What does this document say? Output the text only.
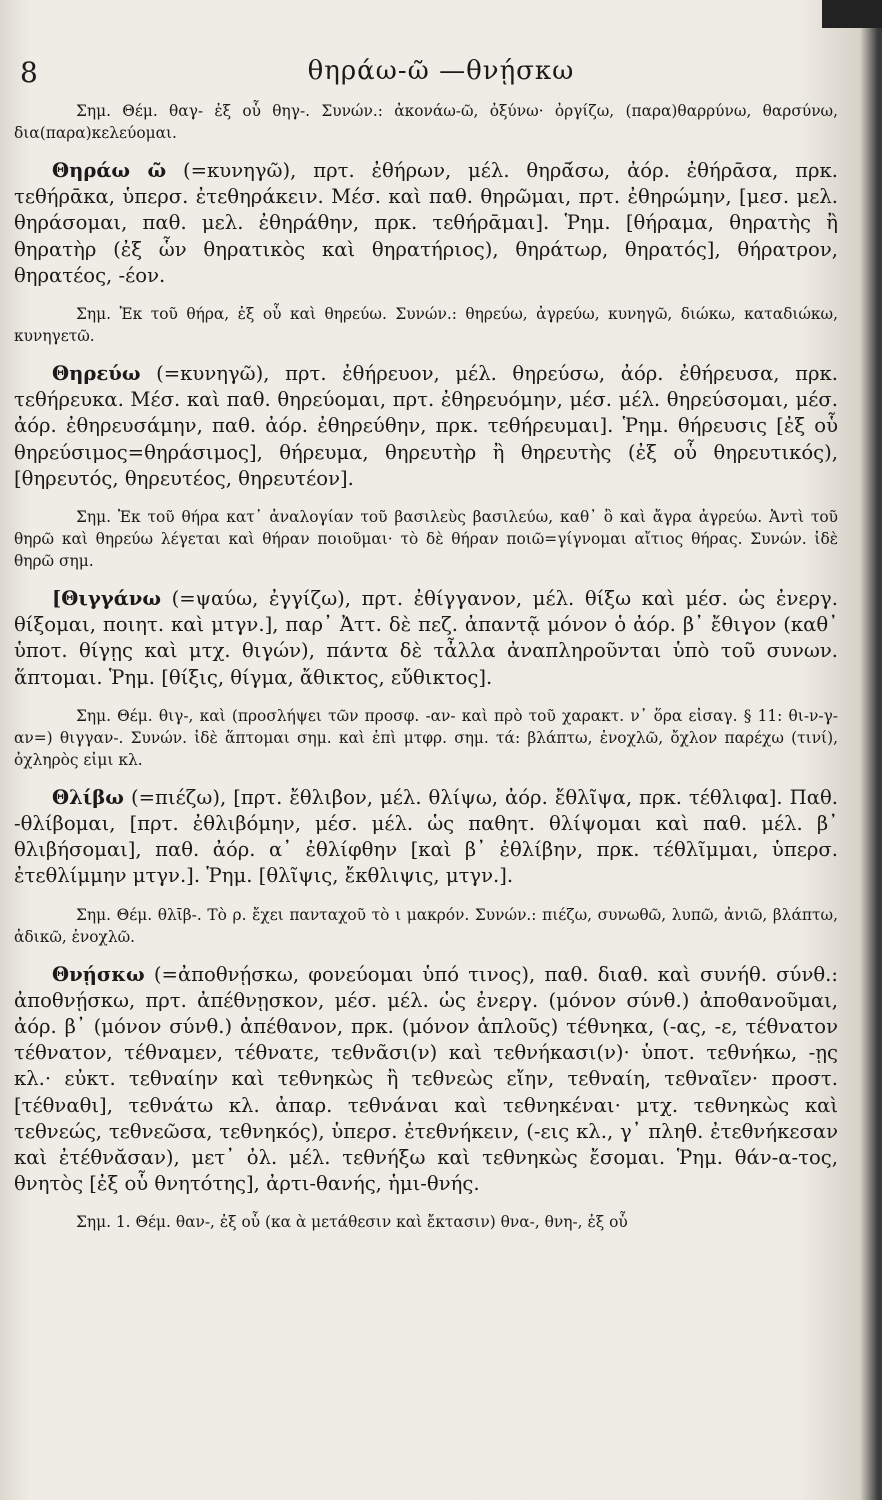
8	θηράω-ῶ —θνῄσκω

Σημ. Θέμ. θαγ- ἐξ οὗ θηγ-. Συνών.: ἀκονάω-ῶ, ὀξύνω· ὀργίζω, (παρα)θαρρύνω, θαρσύνω, δια(παρα)κελεύομαι.

Θηράω ῶ (=κυνηγῶ), πρτ. ἐθήρων, μέλ. θηρᾱ́σω, ἀόρ. ἐθήρᾱσα, πρκ. τεθήρᾱκα, ὑπερσ. ἐτεθηράκειν. Μέσ. καὶ παθ. θηρῶμαι, πρτ. ἐθηρώμην, [μεσ. μελ. θηράσομαι, παθ. μελ. ἐθηράθην, πρκ. τεθήρᾱμαι]. Ῥημ. [θήραμα, θηρατὴς ἢ θηρατὴρ (ἐξ ὧν θηρατικὸς καὶ θηρατήριος), θηράτωρ, θηρατός], θήρατρον, θηρατέος, -έον.

Σημ. Ἐκ τοῦ θήρα, ἐξ οὗ καὶ θηρεύω. Συνών.: θηρεύω, ἀγρεύω, κυνηγῶ, διώκω, καταδιώκω, κυνηγετῶ.

Θηρεύω (=κυνηγῶ), πρτ. ἐθήρευον, μέλ. θηρεύσω, ἀόρ. ἐθήρευσα, πρκ. τεθήρευκα. Μέσ. καὶ παθ. θηρεύομαι, πρτ. ἐθηρευόμην, μέσ. μέλ. θηρεύσομαι, μέσ. ἀόρ. ἐθηρευσάμην, παθ. ἀόρ. ἐθηρεύθην, πρκ. τεθήρευμαι]. Ῥημ. θήρευσις [ἐξ οὗ θηρεύσιμος=θηράσιμος], θήρευμα, θηρευτὴρ ἢ θηρευτὴς (ἐξ οὗ θηρευτικός), [θηρευτός, θηρευτέος, θηρευτέον].

Σημ. Ἐκ τοῦ θήρα κατ᾽ ἀναλογίαν τοῦ βασιλεὺς βασιλεύω, καθ᾽ ὃ καὶ ἄγρα ἀγρεύω. Ἀντὶ τοῦ θηρῶ καὶ θηρεύω λέγεται καὶ θήραν ποιοῦμαι· τὸ δὲ θήραν ποιῶ=γίγνομαι αἴτιος θήρας. Συνών. ἰδὲ θηρῶ σημ.

[Θιγγάνω (=ψαύω, ἐγγίζω), πρτ. ἐθίγγανον, μέλ. θίξω καὶ μέσ. ὡς ἐνεργ. θίξομαι, ποιητ. καὶ μτγν.], παρ᾽ Ἀττ. δὲ πεζ. ἀπαντᾷ μόνον ὁ ἀόρ. β᾽ ἔθιγον (καθ᾽ ὑποτ. θίγῃς καὶ μτχ. θιγών), πάντα δὲ τἆλλα ἀναπληροῦνται ὑπὸ τοῦ συνων. ἅπτομαι. Ῥημ. [θίξις, θίγμα, ἄθικτος, εὔθικτος].

Σημ. Θέμ. θιγ-, καὶ (προσλήψει τῶν προσφ. -αν- καὶ πρὸ τοῦ χαρακτ. ν᾽ ὅρα εἰσαγ. § 11: θι-ν-γ-αν=) θιγγαν-. Συνών. ἰδὲ ἅπτομαι σημ. καὶ ἐπὶ μτφρ. σημ. τά: βλάπτω, ἐνοχλῶ, ὄχλον παρέχω (τινί), ὀχληρὸς εἰμι κλ.

Θλίβω (=πιέζω), [πρτ. ἔθλιβον, μέλ. θλίψω, ἀόρ. ἔθλῖψα, πρκ. τέθλιφα]. Παθ. -θλίβομαι, [πρτ. ἐθλιβόμην, μέσ. μέλ. ὡς παθητ. θλίψομαι καὶ παθ. μέλ. β᾽ θλιβήσομαι], παθ. ἀόρ. α᾽ ἐθλίφθην [καὶ β᾽ ἐθλίβην, πρκ. τέθλῖμμαι, ὑπερσ. ἐτεθλίμμην μτγν.]. Ῥημ. [θλῖψις, ἔκθλιψις, μτγν.].

Σημ. Θέμ. θλῑβ-. Τὸ ρ. ἔχει πανταχοῦ τὸ ι μακρόν. Συνών.: πιέζω, συνωθῶ, λυπῶ, ἀνιῶ, βλάπτω, ἀδικῶ, ἐνοχλῶ.

Θνῄσκω (=ἀποθνῄσκω, φονεύομαι ὑπό τινος), παθ. διαθ. καὶ συνήθ. σύνθ.: ἀποθνῄσκω, πρτ. ἀπέθνῃσκον, μέσ. μέλ. ὡς ἐνεργ. (μόνον σύνθ.) ἀποθανοῦμαι, ἀόρ. β᾽ (μόνον σύνθ.) ἀπέθανον, πρκ. (μόνον ἁπλοῦς) τέθνηκα, (-ας, -ε, τέθνατον τέθνατον, τέθναμεν, τέθνατε, τεθνᾶσι(ν) καὶ τεθνήκασι(ν)· ὑποτ. τεθνήκω, -ῃς κλ.· εὐκτ. τεθναίην καὶ τεθνηκὼς ἢ τεθνεὼς εἴην, τεθναίη, τεθναῖεν· προστ. [τέθναθι], τεθνάτω κλ. ἀπαρ. τεθνάναι καὶ τεθνηκέναι· μτχ. τεθνηκὼς καὶ τεθνεώς, τεθνεῶσα, τεθνηκός), ὑπερσ. ἐτεθνήκειν, (-εις κλ., γ᾽ πληθ. ἐτεθνήκεσαν καὶ ἐτέθνᾰσαν), μετ᾽ ὀλ. μέλ. τεθνήξω καὶ τεθνηκὼς ἔσομαι. Ῥημ. θάν-α-τος, θνητὸς [ἐξ οὗ θνητότης], ἀρτι-θανής, ἡμι-θνής.

Σημ. 1. Θέμ. θαν-, ἐξ οὗ (κα ὰ μετάθεσιν καὶ ἔκτασιν) θνα-, θνη-, ἐξ οὗ
